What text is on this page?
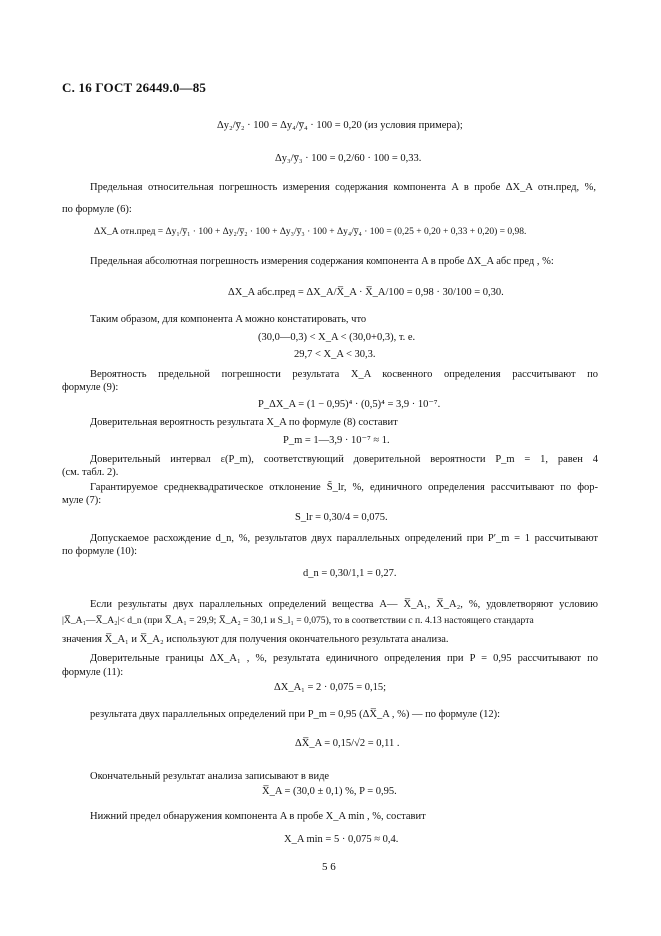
С. 16 ГОСТ 26449.0—85
Δy₂/y̅₂ · 100 = Δy₄/y̅₄ · 100 = 0,20 (из условия примера);
Δy₃/y̅₃ · 100 = 0,2/60 · 100 = 0,33.
Предельная относительная погрешность измерения содержания компонента A в пробе ΔX_A отн.пред, %,
по формуле (6):
ΔX_A отн.пред = Δy₁/y̅₁ · 100 + Δy₂/y̅₂ · 100 + Δy₃/y̅₃ · 100 + Δy₄/y̅₄ · 100 = (0,25 + 0,20 + 0,33 + 0,20) = 0,98.
Предельная абсолютная погрешность измерения содержания компонента A в пробе ΔX_A абс пред , %:
ΔX_A абс.пред = ΔX_A/X̅_A · X̅_A/100 = 0,98 · 30/100 = 0,30.
Таким образом, для компонента A можно констатировать, что
(30,0—0,3) < X_A < (30,0+0,3), т. е.
29,7 < X_A < 30,3.
Вероятность предельной погрешности результата X_A косвенного определения рассчитывают по
формуле (9):
P_ΔX_A = (1 − 0,95)⁴ · (0,5)⁴ = 3,9 · 10⁻⁷.
Доверительная вероятность результата X_A по формуле (8) составит
P_m = 1—3,9 · 10⁻⁷ ≈ 1.
Доверительный интервал ε(P_m), соответствующий доверительной вероятности P_m = 1, равен 4
(см. табл. 2).
Гарантируемое среднеквадратическое отклонение S̃_lr, %, единичного определения рассчитывают по фор-
муле (7):
S_lr = 0,30/4 = 0,075.
Допускаемое расхождение d_n, %, результатов двух параллельных определений при P′_m = 1 рассчитывают
по формуле (10):
d_n = 0,30/1,1 = 0,27.
Если результаты двух параллельных определений вещества A— X̅_A₁, X̅_A₂, %, удовлетворяют условию
|X̅_A₁—X̅_A₂|< d_n (при X̅_A₁ = 29,9; X̅_A₂ = 30,1 и S_l₁ = 0,075), то в соответствии с п. 4.13 настоящего стандарта
значения X̅_A₁ и X̅_A₂ используют для получения окончательного результата анализа.
Доверительные границы ΔX_A₁ , %, результата единичного определения при P = 0,95 рассчитывают по
формуле (11):
ΔX_A₁ = 2 · 0,075 = 0,15;
результата двух параллельных определений при P_m = 0,95 (ΔX̅_A , %) — по формуле (12):
ΔX̅_A = 0,15/√2 = 0,11 .
Окончательный результат анализа записывают в виде
X̅_A = (30,0 ± 0,1) %, P = 0,95.
Нижний предел обнаружения компонента A в пробе X_A min , %, составит
X_A min = 5 · 0,075 ≈ 0,4.
5 6
